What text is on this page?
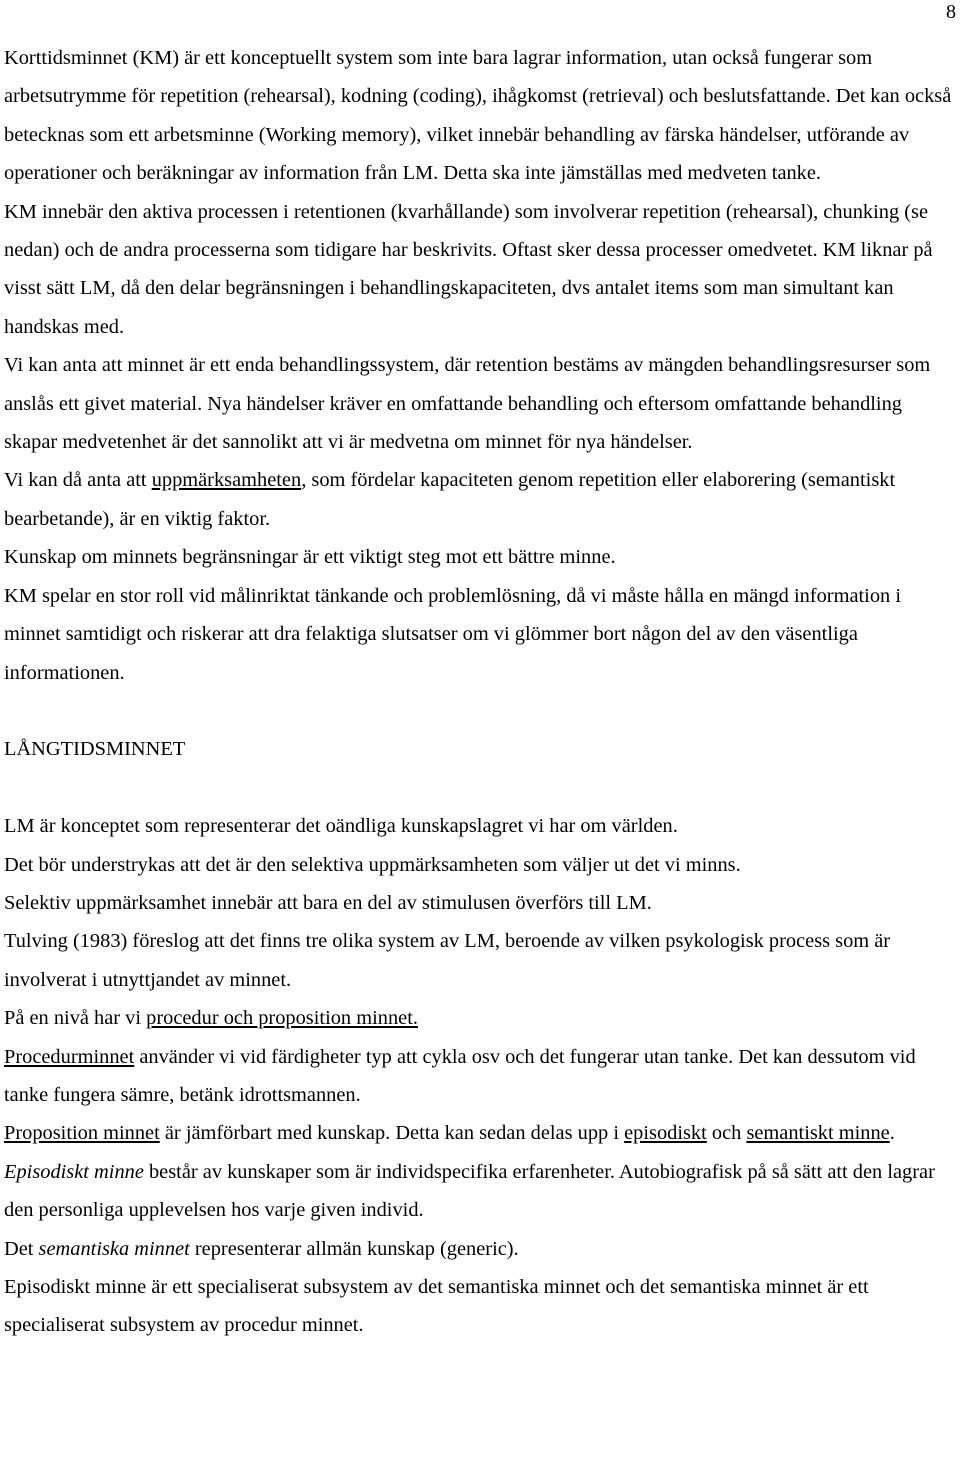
8

Korttidsminnet (KM) är ett konceptuellt system som inte bara lagrar information, utan också fungerar som arbetsutrymme för repetition (rehearsal), kodning (coding), ihågkomst (retrieval) och beslutsfattande. Det kan också betecknas som ett arbetsminne (Working memory), vilket innebär behandling av färska händelser, utförande av operationer och beräkningar av information från LM. Detta ska inte jämställas med medveten tanke.

KM innebär den aktiva processen i retentionen (kvarhållande) som involverar repetition (rehearsal), chunking (se nedan) och de andra processerna som tidigare har beskrivits. Oftast sker dessa processer omedvetet. KM liknar på visst sätt LM, då den delar begränsningen i behandlingskapaciteten, dvs antalet items som man simultant kan handskas med.

Vi kan anta att minnet är ett enda behandlingssystem, där retention bestäms av mängden behandlingsresurser som anslås ett givet material. Nya händelser kräver en omfattande behandling och eftersom omfattande behandling skapar medvetenhet är det sannolikt att vi är medvetna om minnet för nya händelser.

Vi kan då anta att uppmärksamheten, som fördelar kapaciteten genom repetition eller elaborering (semantiskt bearbetande), är en viktig faktor.

Kunskap om minnets begränsningar är ett viktigt steg mot ett bättre minne.

KM spelar en stor roll vid målinriktat tänkande och problemlösning, då vi måste hålla en mängd information i minnet samtidigt och riskerar att dra felaktiga slutsatser om vi glömmer bort någon del av den väsentliga informationen.

LÅNGTIDSMINNET

LM är konceptet som representerar det oändliga kunskapslagret vi har om världen.

Det bör understrykas att det är den selektiva uppmärksamheten som väljer ut det vi minns.

Selektiv uppmärksamhet innebär att bara en del av stimulusen överförs till LM.

Tulving (1983) föreslog att det finns tre olika system av LM, beroende av vilken psykologisk process som är involverat i utnyttjandet av minnet.

På en nivå har vi procedur och proposition minnet.

Procedurminnet använder vi vid färdigheter typ att cykla osv och det fungerar utan tanke. Det kan dessutom vid tanke fungera sämre, betänk idrottsmannen.

Proposition minnet är jämförbart med kunskap. Detta kan sedan delas upp i episodiskt och semantiskt minne.

Episodiskt minne består av kunskaper som är individspecifika erfarenheter. Autobiografisk på så sätt att den lagrar den personliga upplevelsen hos varje given individ.

Det semantiska minnet representerar allmän kunskap (generic).

Episodiskt minne är ett specialiserat subsystem av det semantiska minnet och det semantiska minnet är ett specialiserat subsystem av procedur minnet.
